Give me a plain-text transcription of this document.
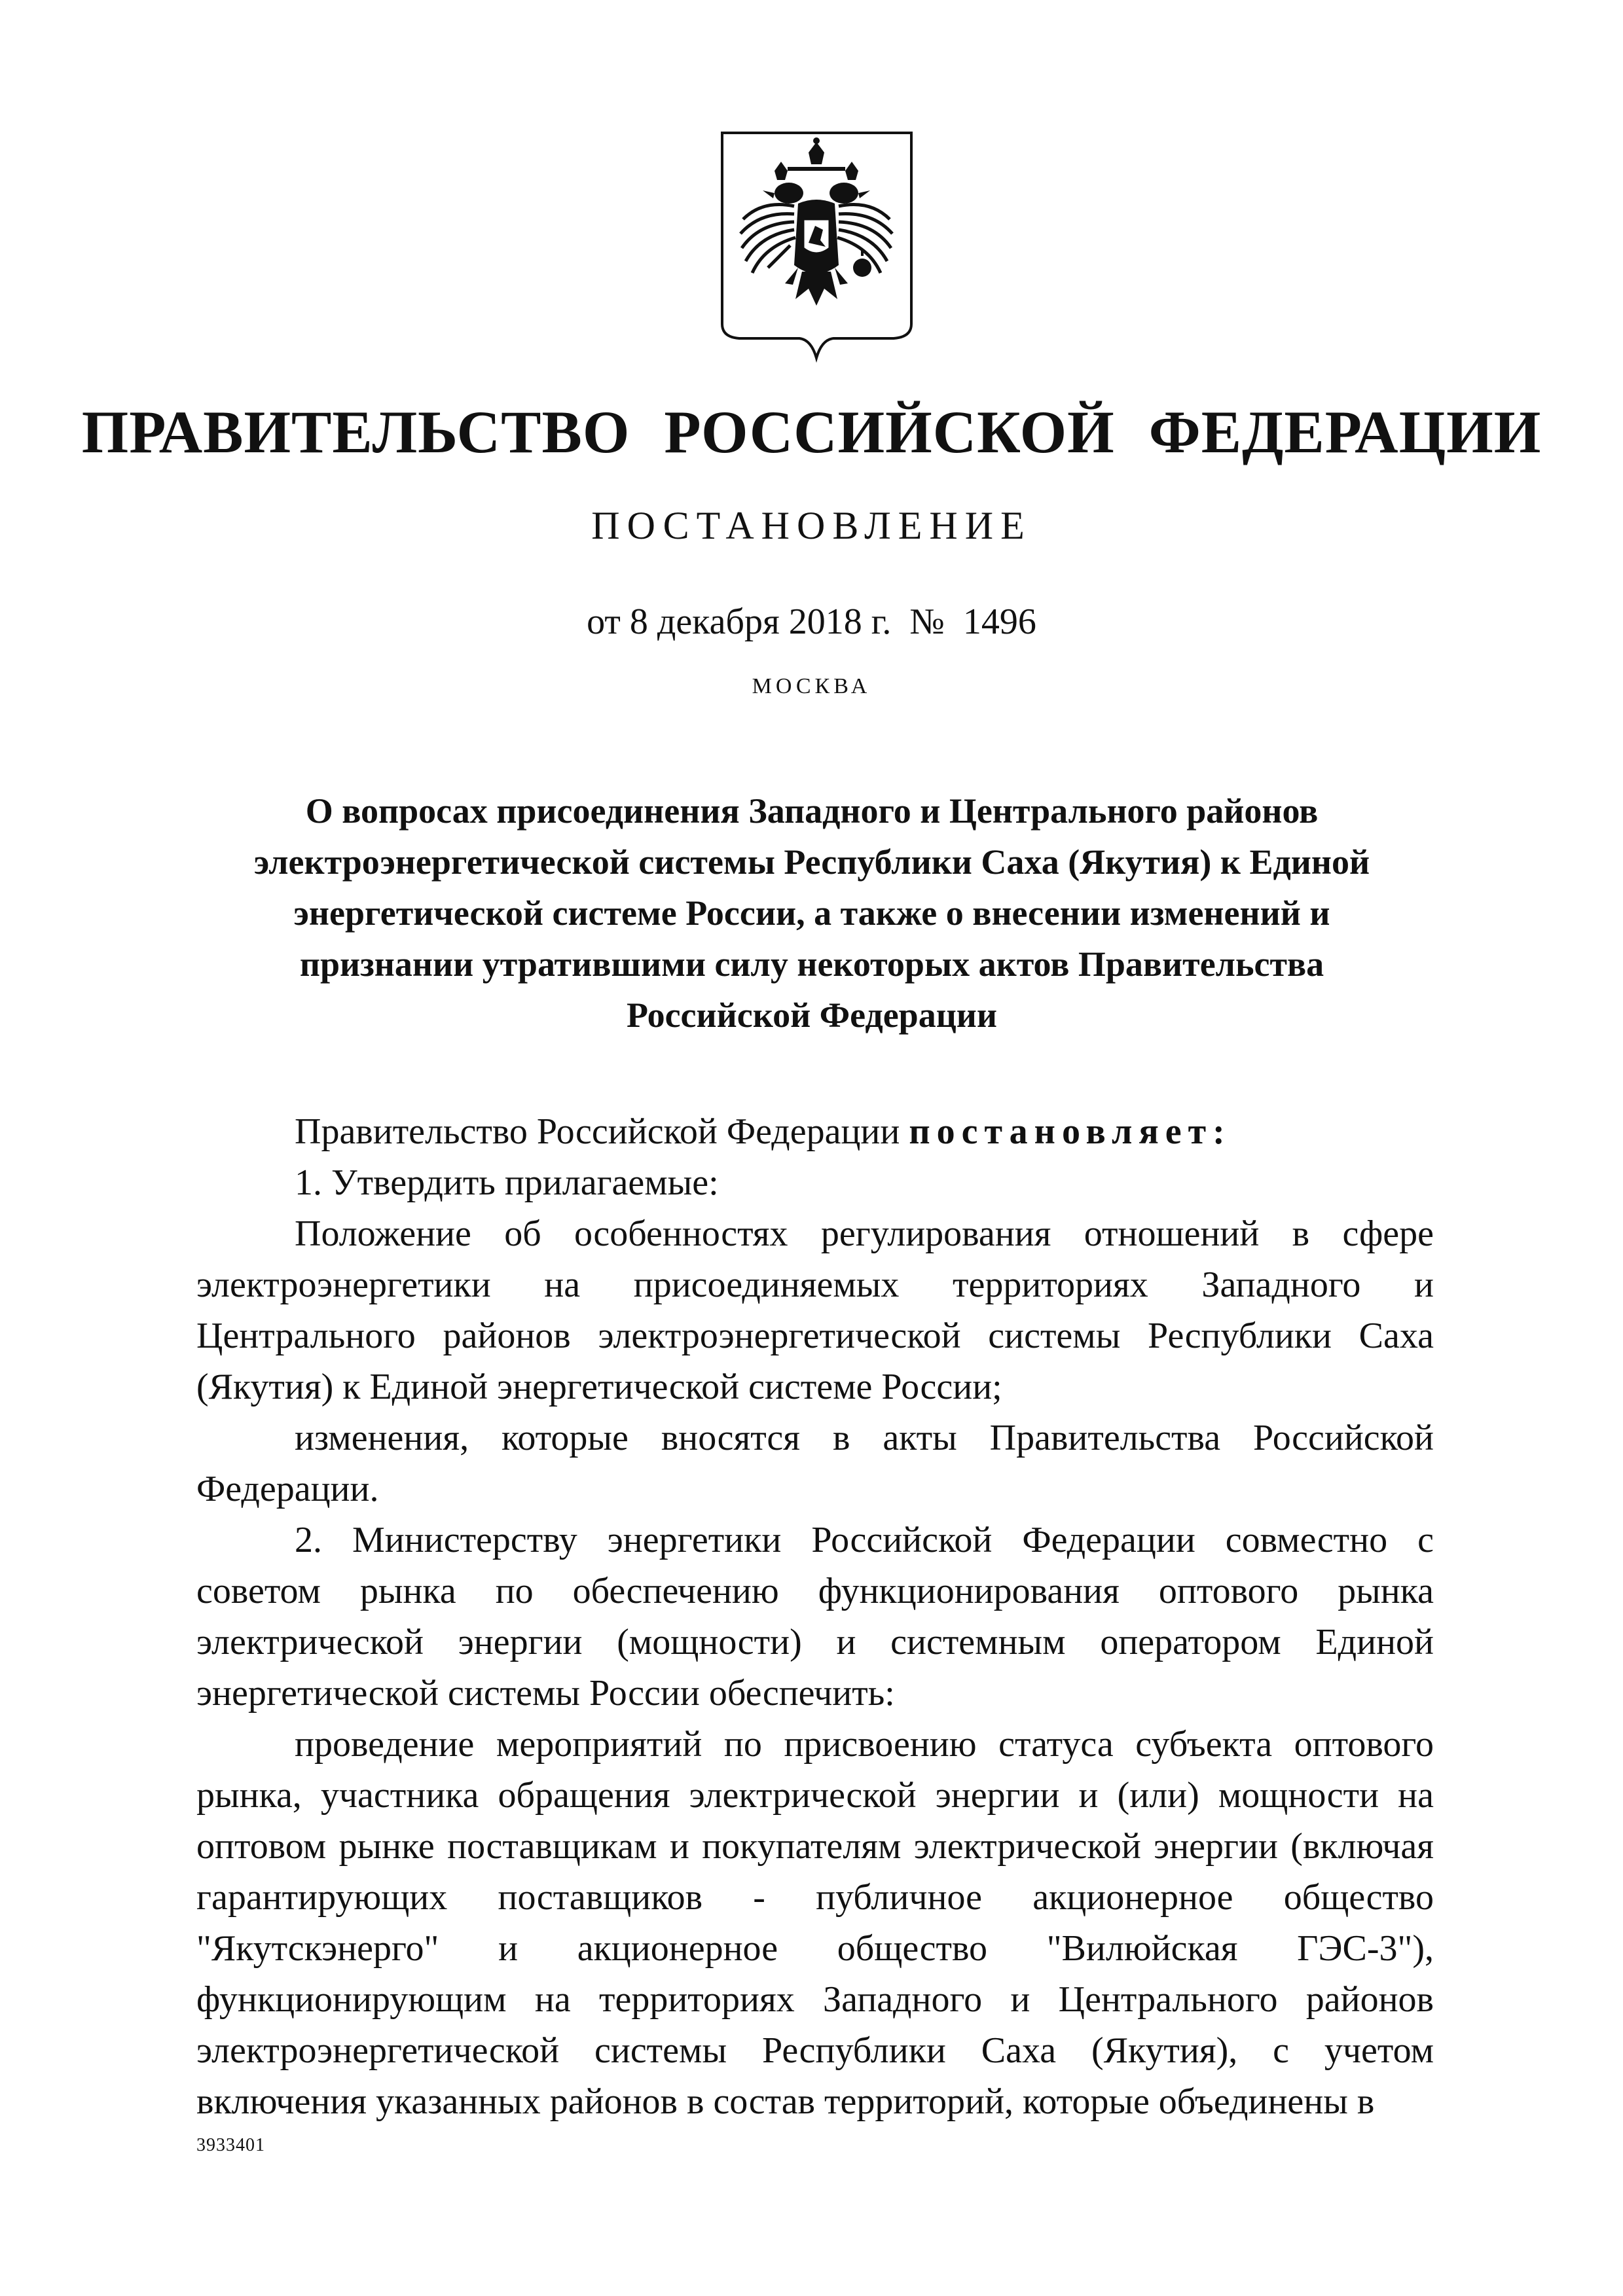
ПРАВИТЕЛЬСТВО РОССИЙСКОЙ ФЕДЕРАЦИИ
ПОСТАНОВЛЕНИЕ
от 8 декабря 2018 г. № 1496
МОСКВА
О вопросах присоединения Западного и Центрального районов
электроэнергетической системы Республики Саха (Якутия) к Единой
энергетической системе России, а также о внесении изменений и
признании утратившими силу некоторых актов Правительства
Российской Федерации

Правительство Российской Федерации постановляет:

1. Утвердить прилагаемые:

Положение об особенностях регулирования отношений в сфере электроэнергетики на присоединяемых территориях Западного и Центрального районов электроэнергетической системы Республики Саха (Якутия) к Единой энергетической системе России;

изменения, которые вносятся в акты Правительства Российской Федерации.

2. Министерству энергетики Российской Федерации совместно с советом рынка по обеспечению функционирования оптового рынка электрической энергии (мощности) и системным оператором Единой энергетической системы России обеспечить:

проведение мероприятий по присвоению статуса субъекта оптового рынка, участника обращения электрической энергии и (или) мощности на оптовом рынке поставщикам и покупателям электрической энергии (включая гарантирующих поставщиков - публичное акционерное общество "Якутскэнерго" и акционерное общество "Вилюйская ГЭС-3"), функционирующим на территориях Западного и Центрального районов электроэнергетической системы Республики Саха (Якутия), с учетом включения указанных районов в состав территорий, которые объединены в

3933401
